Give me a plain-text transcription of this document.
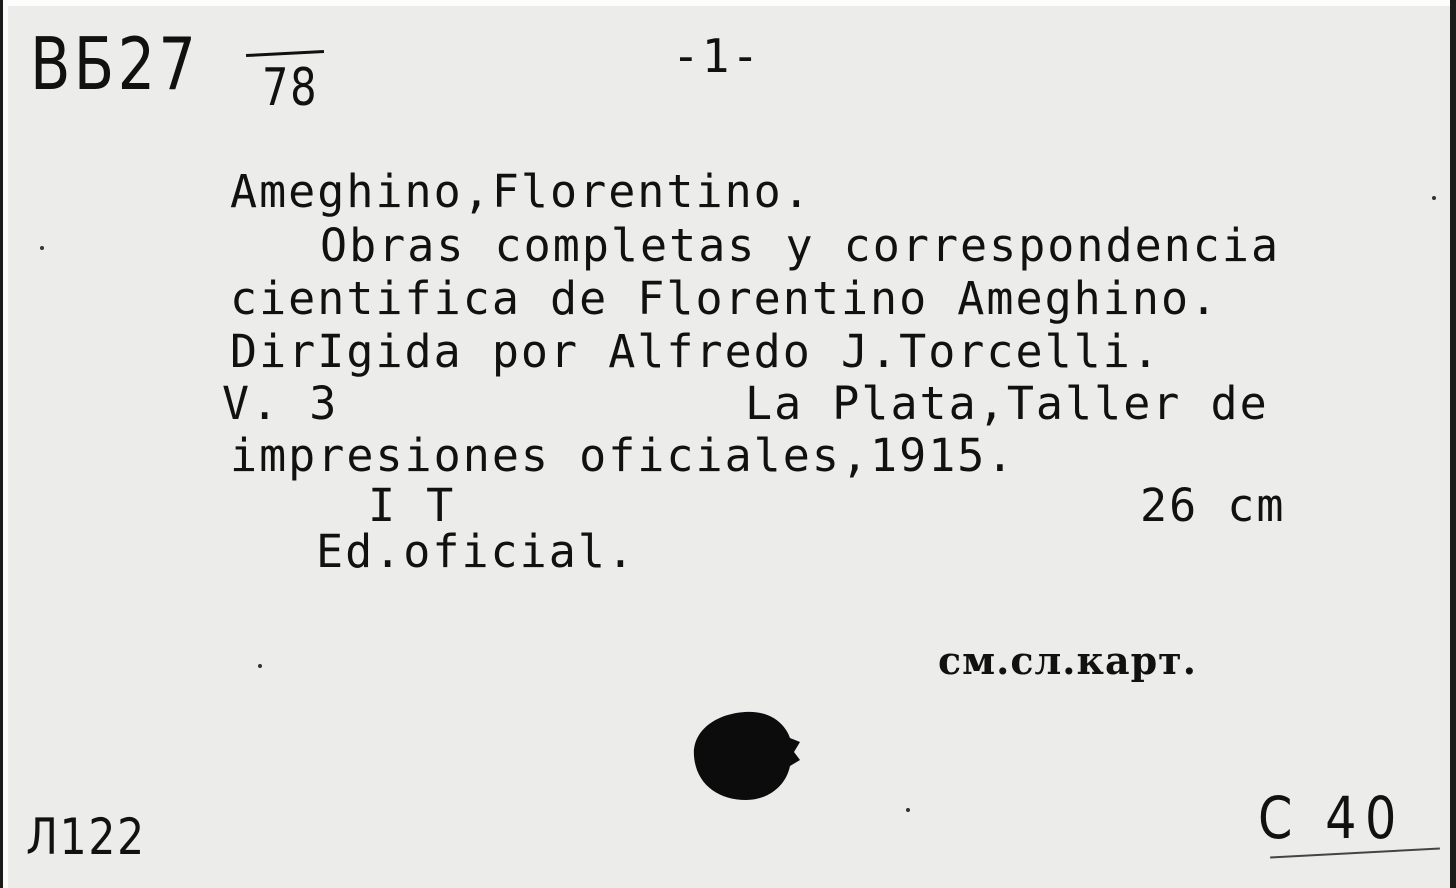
ВБ27 78
-1-
Ameghino,Florentino.
Obras completas y correspondencia
cientifica de Florentino Ameghino.
DirIgida por Alfredo J.Torcelli.
V. 3	La Plata,Taller de
impresiones oficiales,1915.
I T	26 cm
Ed.oficial.
см.сл.карт.
Л122	С 40
